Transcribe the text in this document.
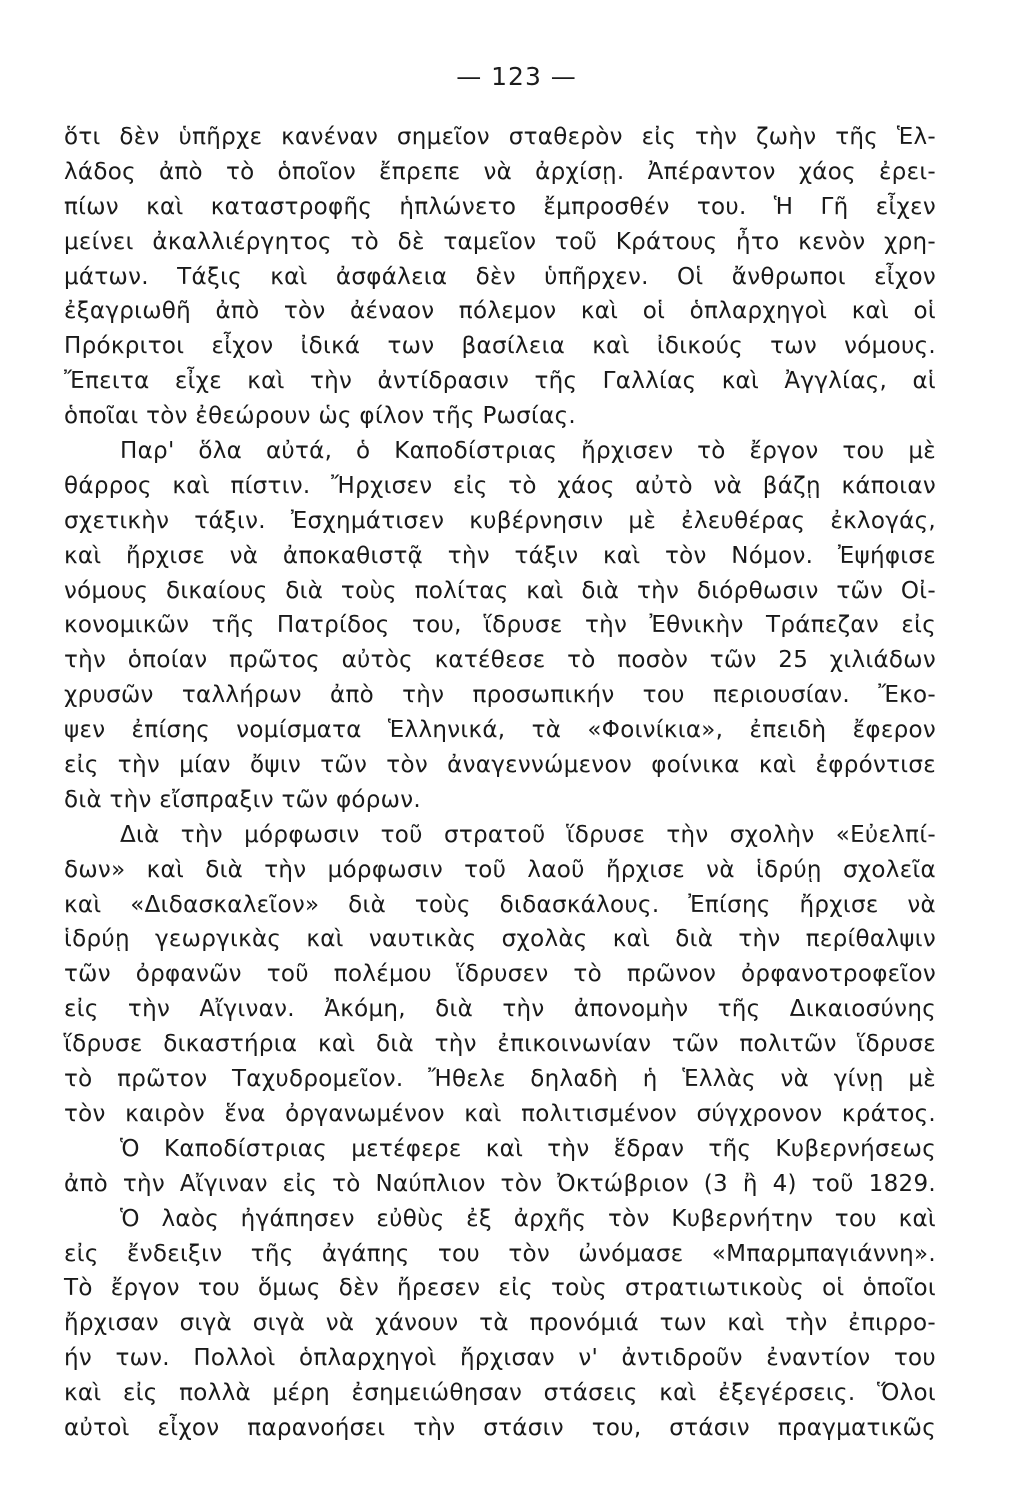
— 123 —
ὅτι δὲν ὑπῆρχε κανέναν σημεῖον σταθερὸν εἰς τὴν ζωὴν τῆς Ἑλ-
λάδος ἀπὸ τὸ ὁποῖον ἔπρεπε νὰ ἀρχίσῃ. Ἀπέραντον χάος ἐρει-
πίων καὶ καταστροφῆς ἡπλώνετο ἔμπροσθέν του. Ἡ Γῆ εἶχεν
μείνει ἀκαλλιέργητος τὸ δὲ ταμεῖον τοῦ Κράτους ἦτο κενὸν χρη-
μάτων. Τάξις καὶ ἀσφάλεια δὲν ὑπῆρχεν. Οἱ ἄνθρωποι εἶχον
ἐξαγριωθῆ ἀπὸ τὸν ἀέναον πόλεμον καὶ οἱ ὁπλαρχηγοὶ καὶ οἱ
Πρόκριτοι εἶχον ἰδικά των βασίλεια καὶ ἰδικούς των νόμους.
Ἔπειτα εἶχε καὶ τὴν ἀντίδρασιν τῆς Γαλλίας καὶ Ἀγγλίας, αἱ
ὁποῖαι τὸν ἐθεώρουν ὡς φίλον τῆς Ρωσίας.
Παρ' ὅλα αὐτά, ὁ Καποδίστριας ἤρχισεν τὸ ἔργον του μὲ
θάρρος καὶ πίστιν. Ἤρχισεν εἰς τὸ χάος αὐτὸ νὰ βάζῃ κάποιαν
σχετικὴν τάξιν. Ἐσχημάτισεν κυβέρνησιν μὲ ἐλευθέρας ἐκλογάς,
καὶ ἤρχισε νὰ ἀποκαθιστᾷ τὴν τάξιν καὶ τὸν Νόμον. Ἐψήφισε
νόμους δικαίους διὰ τοὺς πολίτας καὶ διὰ τὴν διόρθωσιν τῶν Οἰ-
κονομικῶν τῆς Πατρίδος του, ἵδρυσε τὴν Ἐθνικὴν Τράπεζαν εἰς
τὴν ὁποίαν πρῶτος αὐτὸς κατέθεσε τὸ ποσὸν τῶν 25 χιλιάδων
χρυσῶν ταλλήρων ἀπὸ τὴν προσωπικήν του περιουσίαν. Ἔκο-
ψεν ἐπίσης νομίσματα Ἑλληνικά, τὰ «Φοινίκια», ἐπειδὴ ἔφερον
εἰς τὴν μίαν ὄψιν τῶν τὸν ἀναγεννώμενον φοίνικα καὶ ἐφρόντισε
διὰ τὴν εἴσπραξιν τῶν φόρων.
Διὰ τὴν μόρφωσιν τοῦ στρατοῦ ἵδρυσε τὴν σχολὴν «Εὐελπί-
δων» καὶ διὰ τὴν μόρφωσιν τοῦ λαοῦ ἤρχισε νὰ ἱδρύῃ σχολεῖα
καὶ «Διδασκαλεῖον» διὰ τοὺς διδασκάλους. Ἐπίσης ἤρχισε νὰ
ἱδρύῃ γεωργικὰς καὶ ναυτικὰς σχολὰς καὶ διὰ τὴν περίθαλψιν
τῶν ὀρφανῶν τοῦ πολέμου ἵδρυσεν τὸ πρῶνον ὀρφανοτροφεῖον
εἰς τὴν Αἴγιναν. Ἀκόμη, διὰ τὴν ἀπονομὴν τῆς Δικαιοσύνης
ἵδρυσε δικαστήρια καὶ διὰ τὴν ἐπικοινωνίαν τῶν πολιτῶν ἵδρυσε
τὸ πρῶτον Ταχυδρομεῖον. Ἤθελε δηλαδὴ ἡ Ἑλλὰς νὰ γίνῃ μὲ
τὸν καιρὸν ἕνα ὀργανωμένον καὶ πολιτισμένον σύγχρονον κράτος.
Ὁ Καποδίστριας μετέφερε καὶ τὴν ἕδραν τῆς Κυβερνήσεως
ἀπὸ τὴν Αἴγιναν εἰς τὸ Ναύπλιον τὸν Ὀκτώβριον (3 ἢ 4) τοῦ 1829.
Ὁ λαὸς ἠγάπησεν εὐθὺς ἐξ ἀρχῆς τὸν Κυβερνήτην του καὶ
εἰς ἔνδειξιν τῆς ἀγάπης του τὸν ὠνόμασε «Μπαρμπαγιάννη».
Τὸ ἔργον του ὅμως δὲν ἤρεσεν εἰς τοὺς στρατιωτικοὺς οἱ ὁποῖοι
ἤρχισαν σιγὰ σιγὰ νὰ χάνουν τὰ προνόμιά των καὶ τὴν ἐπιρρο-
ήν των. Πολλοὶ ὁπλαρχηγοὶ ἤρχισαν ν' ἀντιδροῦν ἐναντίον του
καὶ εἰς πολλὰ μέρη ἐσημειώθησαν στάσεις καὶ ἐξεγέρσεις. Ὅλοι
αὐτοὶ εἶχον παρανοήσει τὴν στάσιν του, στάσιν πραγματικῶς
